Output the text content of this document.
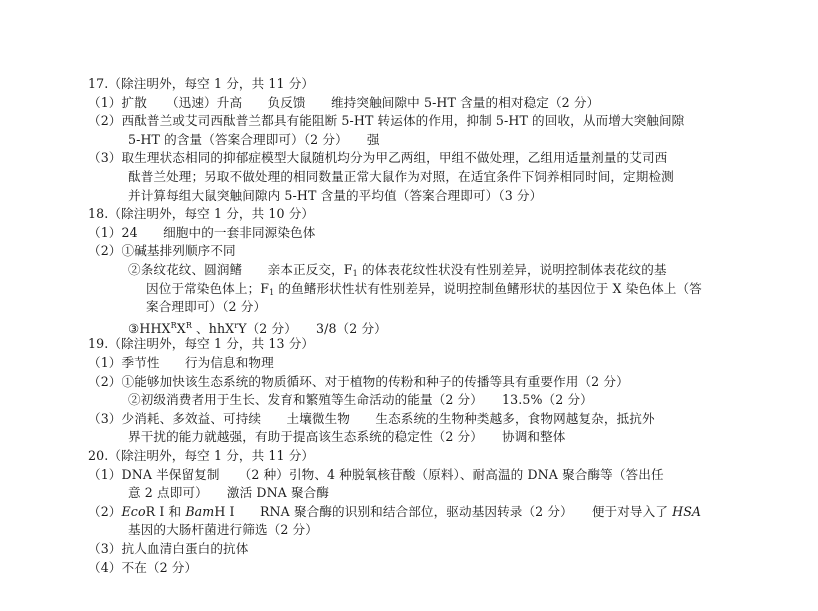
17.（除注明外，每空 1 分，共 11 分）
（1）扩散　　（迅速）升高　　负反馈　　维持突触间隙中 5-HT 含量的相对稳定（2 分）
（2）西酞普兰或艾司西酞普兰都具有能阻断 5-HT 转运体的作用，抑制 5-HT 的回收，从而增大突触间隙
5-HT 的含量（答案合理即可）（2 分）　　强
（3）取生理状态相同的抑郁症模型大鼠随机均分为甲乙两组，甲组不做处理，乙组用适量剂量的艾司西
酞普兰处理；另取不做处理的相同数量正常大鼠作为对照，在适宜条件下饲养相同时间，定期检测
并计算每组大鼠突触间隙内 5-HT 含量的平均值（答案合理即可）（3 分）
18.（除注明外，每空 1 分，共 10 分）
（1）24　　细胞中的一套非同源染色体
（2）①碱基排列顺序不同
②条纹花纹、圆润鳍　　亲本正反交，$F_1$ 的体表花纹性状没有性别差异，说明控制体表花纹的基
因位于常染色体上；$F_1$ 的鱼鳍形状性状有性别差异，说明控制鱼鳍形状的基因位于 X 染色体上（答
案合理即可）（2 分）
$③HHX^RX^R$ 、hhX$^r$Y（2 分）　　3/8（2 分）
19.（除注明外，每空 1 分，共 13 分）
（1）季节性　　行为信息和物理
（2）①能够加快该生态系统的物质循环、对于植物的传粉和种子的传播等具有重要作用（2 分）
②初级消费者用于生长、发育和繁殖等生命活动的能量（2 分）　　13.5%（2 分）
（3）少消耗、多效益、可持续　　土壤微生物　　生态系统的生物种类越多，食物网越复杂，抵抗外
界干扰的能力就越强，有助于提高该生态系统的稳定性（2 分）　　协调和整体
20.（除注明外，每空 1 分，共 11 分）
（1）DNA 半保留复制　　（2 种）引物、4 种脱氧核苷酸（原料）、耐高温的 DNA 聚合酶等（答出任
意 2 点即可）　　激活 DNA 聚合酶
（2）EcoR I 和 BamH I　　RNA 聚合酶的识别和结合部位，驱动基因转录（2 分）　　便于对导入了 HSA
基因的大肠杆菌进行筛选（2 分）
（3）抗人血清白蛋白的抗体
（4）不在（2 分）
